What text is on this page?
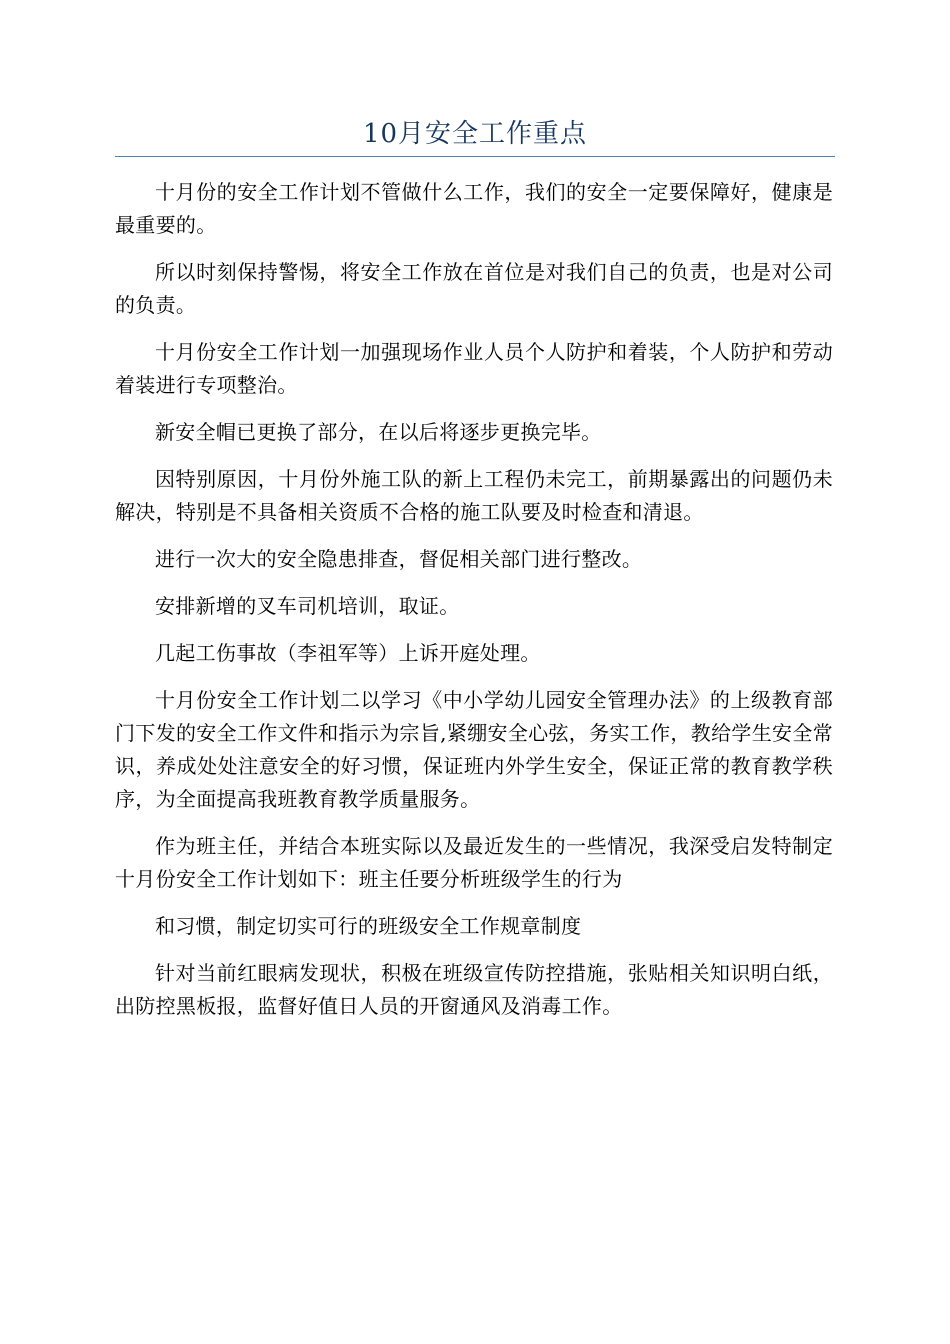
10月安全工作重点

十月份的安全工作计划不管做什么工作，我们的安全一定要保障好，健康是最重要的。

所以时刻保持警惕，将安全工作放在首位是对我们自己的负责，也是对公司的负责。

十月份安全工作计划一加强现场作业人员个人防护和着装，个人防护和劳动着装进行专项整治。

新安全帽已更换了部分，在以后将逐步更换完毕。

因特别原因，十月份外施工队的新上工程仍未完工，前期暴露出的问题仍未解决，特别是不具备相关资质不合格的施工队要及时检查和清退。

进行一次大的安全隐患排查，督促相关部门进行整改。

安排新增的叉车司机培训，取证。

几起工伤事故（李祖军等）上诉开庭处理。

十月份安全工作计划二以学习《中小学幼儿园安全管理办法》的上级教育部门下发的安全工作文件和指示为宗旨,紧绷安全心弦，务实工作，教给学生安全常识，养成处处注意安全的好习惯，保证班内外学生安全，保证正常的教育教学秩序，为全面提高我班教育教学质量服务。

作为班主任，并结合本班实际以及最近发生的一些情况，我深受启发特制定十月份安全工作计划如下：班主任要分析班级学生的行为

和习惯，制定切实可行的班级安全工作规章制度

针对当前红眼病发现状，积极在班级宣传防控措施，张贴相关知识明白纸，出防控黑板报，监督好值日人员的开窗通风及消毒工作。
